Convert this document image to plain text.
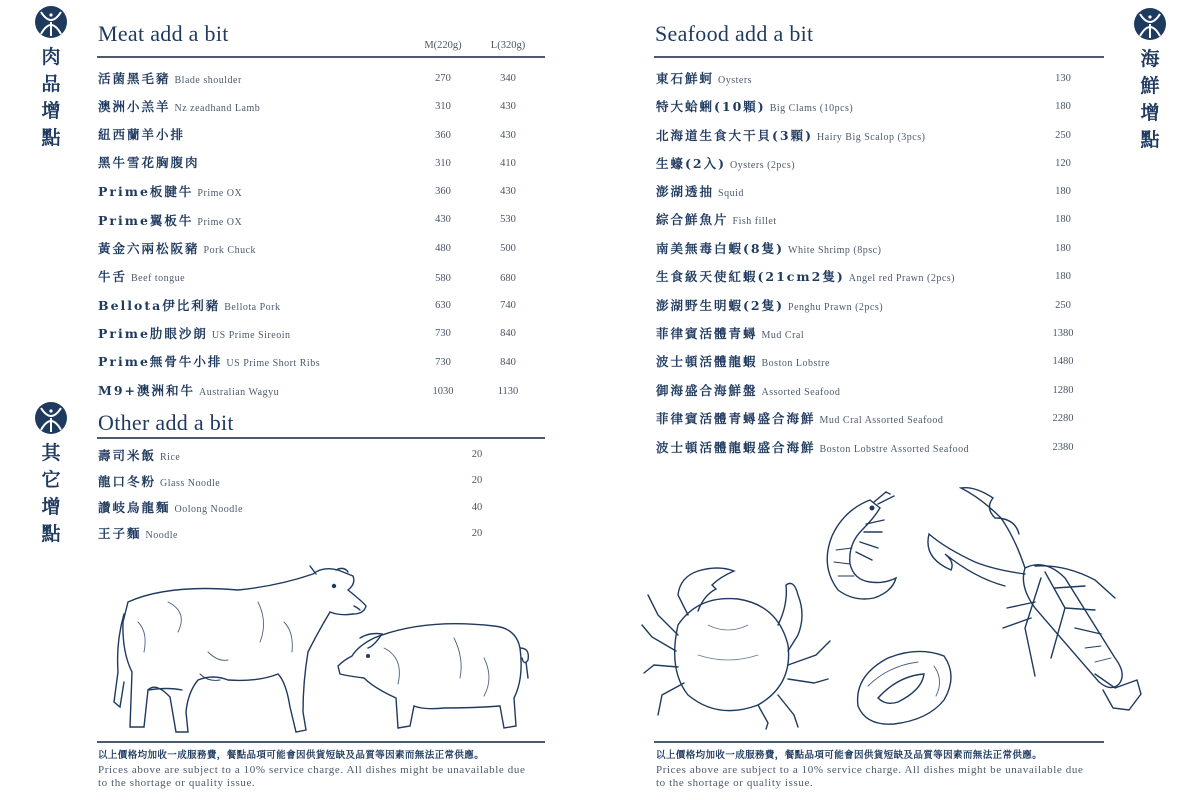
肉
品
增
點
Meat add a bit	M(220g)	L(320g)
活菌黑毛豬 Blade shoulder	270	340
澳洲小羔羊 Nz zeadhand Lamb	310	430
紐西蘭羊小排	360	430
黑牛雪花胸腹肉	310	410
Prime板腱牛 Prime OX	360	430
Prime翼板牛 Prime OX	430	530
黃金六兩松阪豬 Pork Chuck	480	500
牛舌 Beef tongue	580	680
Bellota伊比利豬 Bellota Pork	630	740
Prime肋眼沙朗 US Prime Sireoin	730	840
Prime無骨牛小排 US Prime Short Ribs	730	840
M9+澳洲和牛 Australian Wagyu	1030	1130
其
它
增
點
Other add a bit
壽司米飯 Rice	20
龍口冬粉 Glass Noodle	20
讚岐烏龍麵 Oolong Noodle	40
王子麵 Noodle	20
以上價格均加收一成服務費，餐點品項可能會因供貨短缺及品質等因素而無法正常供應。
Prices above are subject to a 10% service charge. All dishes might be unavailable due to the shortage or quality issue.
Seafood add a bit
海
鮮
增
點
東石鮮蚵 Oysters	130
特大蛤蜊(10顆) Big Clams (10pcs)	180
北海道生食大干貝(3顆) Hairy Big Scalop (3pcs)	250
生蠔(2入) Oysters (2pcs)	120
澎湖透抽 Squid	180
綜合鮮魚片 Fish fillet	180
南美無毒白蝦(8隻) White Shrimp (8psc)	180
生食級天使紅蝦(21cm2隻) Angel red Prawn (2pcs)	180
澎湖野生明蝦(2隻) Penghu Prawn (2pcs)	250
菲律賓活體青蟳 Mud Cral	1380
波士頓活體龍蝦 Boston Lobstre	1480
御海盛合海鮮盤 Assorted Seafood	1280
菲律賓活體青蟳盛合海鮮 Mud Cral Assorted Seafood	2280
波士頓活體龍蝦盛合海鮮 Boston Lobstre Assorted Seafood	2380
以上價格均加收一成服務費，餐點品項可能會因供貨短缺及品質等因素而無法正常供應。
Prices above are subject to a 10% service charge. All dishes might be unavailable due to the shortage or quality issue.
